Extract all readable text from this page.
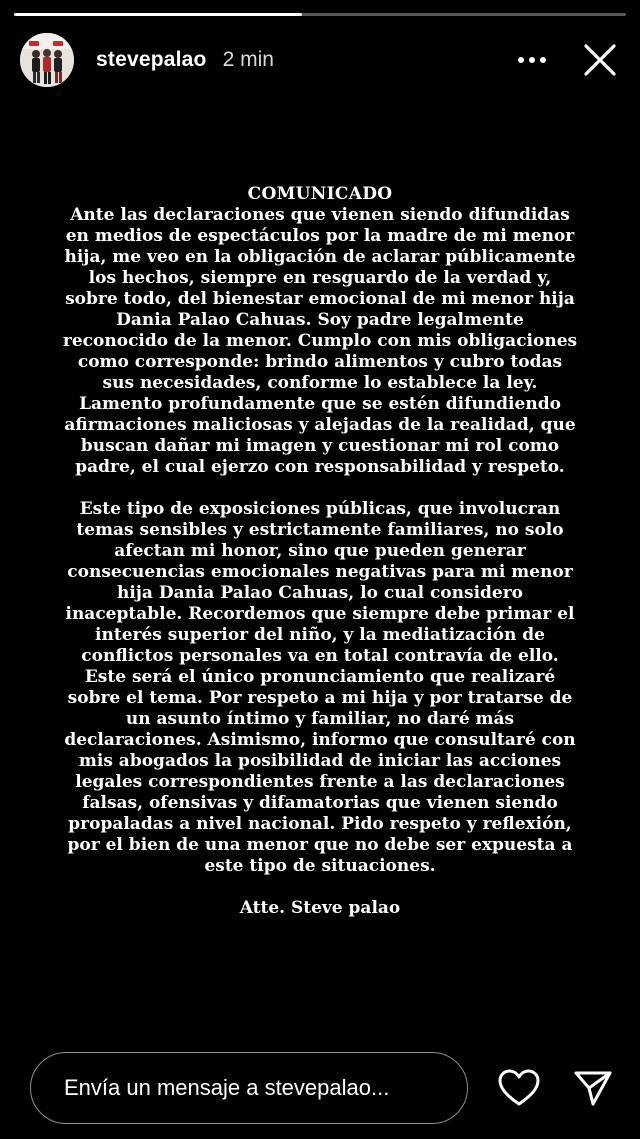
stevepalao 2 min
COMUNICADO

Ante las declaraciones que vienen siendo difundidas en medios de espectáculos por la madre de mi menor hija, me veo en la obligación de aclarar públicamente los hechos, siempre en resguardo de la verdad y, sobre todo, del bienestar emocional de mi menor hija Dania Palao Cahuas. Soy padre legalmente reconocido de la menor. Cumplo con mis obligaciones como corresponde: brindo alimentos y cubro todas sus necesidades, conforme lo establece la ley. Lamento profundamente que se estén difundiendo afirmaciones maliciosas y alejadas de la realidad, que buscan dañar mi imagen y cuestionar mi rol como padre, el cual ejerzo con responsabilidad y respeto.

Este tipo de exposiciones públicas, que involucran temas sensibles y estrictamente familiares, no solo afectan mi honor, sino que pueden generar consecuencias emocionales negativas para mi menor hija Dania Palao Cahuas, lo cual considero inaceptable. Recordemos que siempre debe primar el interés superior del niño, y la mediatización de conflictos personales va en total contravía de ello. Este será el único pronunciamiento que realizaré sobre el tema. Por respeto a mi hija y por tratarse de un asunto íntimo y familiar, no daré más declaraciones. Asimismo, informo que consultaré con mis abogados la posibilidad de iniciar las acciones legales correspondientes frente a las declaraciones falsas, ofensivas y difamatorias que vienen siendo propaladas a nivel nacional. Pido respeto y reflexión, por el bien de una menor que no debe ser expuesta a este tipo de situaciones.

Atte. Steve palao

Envía un mensaje a stevepalao...
